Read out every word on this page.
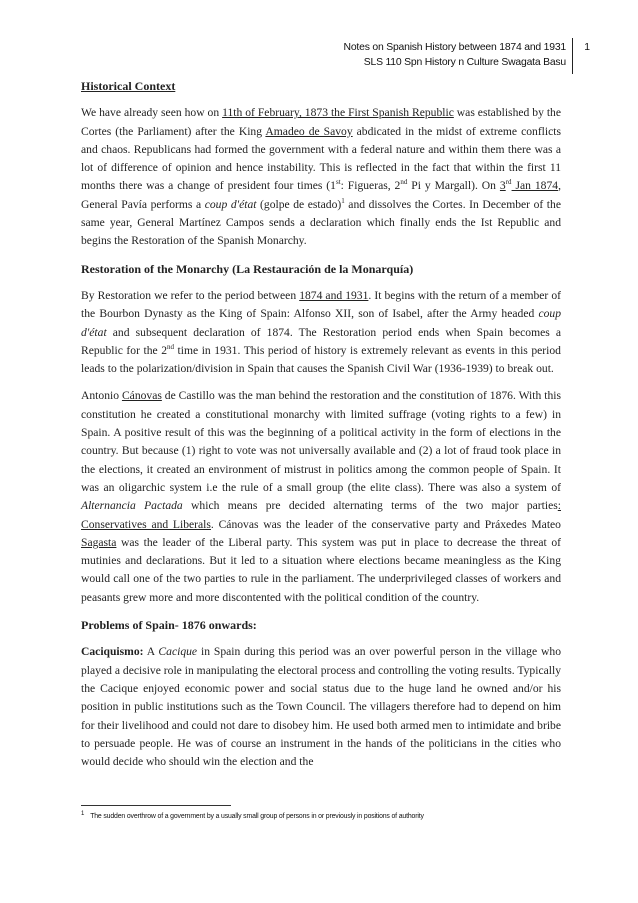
Notes on Spanish History between 1874 and 1931
SLS 110 Spn History n Culture Swagata Basu
1
Historical Context

We have already seen how on 11th of February, 1873 the First Spanish Republic was established by the Cortes (the Parliament) after the King Amadeo de Savoy abdicated in the midst of extreme conflicts and chaos. Republicans had formed the government with a federal nature and within them there was a lot of difference of opinion and hence instability. This is reflected in the fact that within the first 11 months there was a change of president four times (1st: Figueras, 2nd Pi y Margall). On 3rd Jan 1874, General Pavía performs a coup d'état (golpe de estado)$^1$ and dissolves the Cortes. In December of the same year, General Martínez Campos sends a declaration which finally ends the Ist Republic and begins the Restoration of the Spanish Monarchy.

Restoration of the Monarchy (La Restauración de la Monarquía)

By Restoration we refer to the period between 1874 and 1931. It begins with the return of a member of the Bourbon Dynasty as the King of Spain: Alfonso XII, son of Isabel, after the Army headed coup d'état and subsequent declaration of 1874. The Restoration period ends when Spain becomes a Republic for the 2nd time in 1931. This period of history is extremely relevant as events in this period leads to the polarization/division in Spain that causes the Spanish Civil War (1936-1939) to break out.

Antonio Cánovas de Castillo was the man behind the restoration and the constitution of 1876. With this constitution he created a constitutional monarchy with limited suffrage (voting rights to a few) in Spain. A positive result of this was the beginning of a political activity in the form of elections in the country. But because (1) right to vote was not universally available and (2) a lot of fraud took place in the elections, it created an environment of mistrust in politics among the common people of Spain. It was an oligarchic system i.e the rule of a small group (the elite class). There was also a system of Alternancia Pactada which means pre decided alternating terms of the two major parties: Conservatives and Liberals. Cánovas was the leader of the conservative party and Práxedes Mateo Sagasta was the leader of the Liberal party. This system was put in place to decrease the threat of mutinies and declarations. But it led to a situation where elections became meaningless as the King would call one of the two parties to rule in the parliament. The underprivileged classes of workers and peasants grew more and more discontented with the political condition of the country.

Problems of Spain- 1876 onwards:

Caciquismo: A Cacique in Spain during this period was an over powerful person in the village who played a decisive role in manipulating the electoral process and controlling the voting results. Typically the Cacique enjoyed economic power and social status due to the huge land he owned and/or his position in public institutions such as the Town Council. The villagers therefore had to depend on him for their livelihood and could not dare to disobey him. He used both armed men to intimidate and bribe to persuade people. He was of course an instrument in the hands of the politicians in the cities who would decide who should win the election and the

$^1$ The sudden overthrow of a government by a usually small group of persons in or previously in positions of authority
